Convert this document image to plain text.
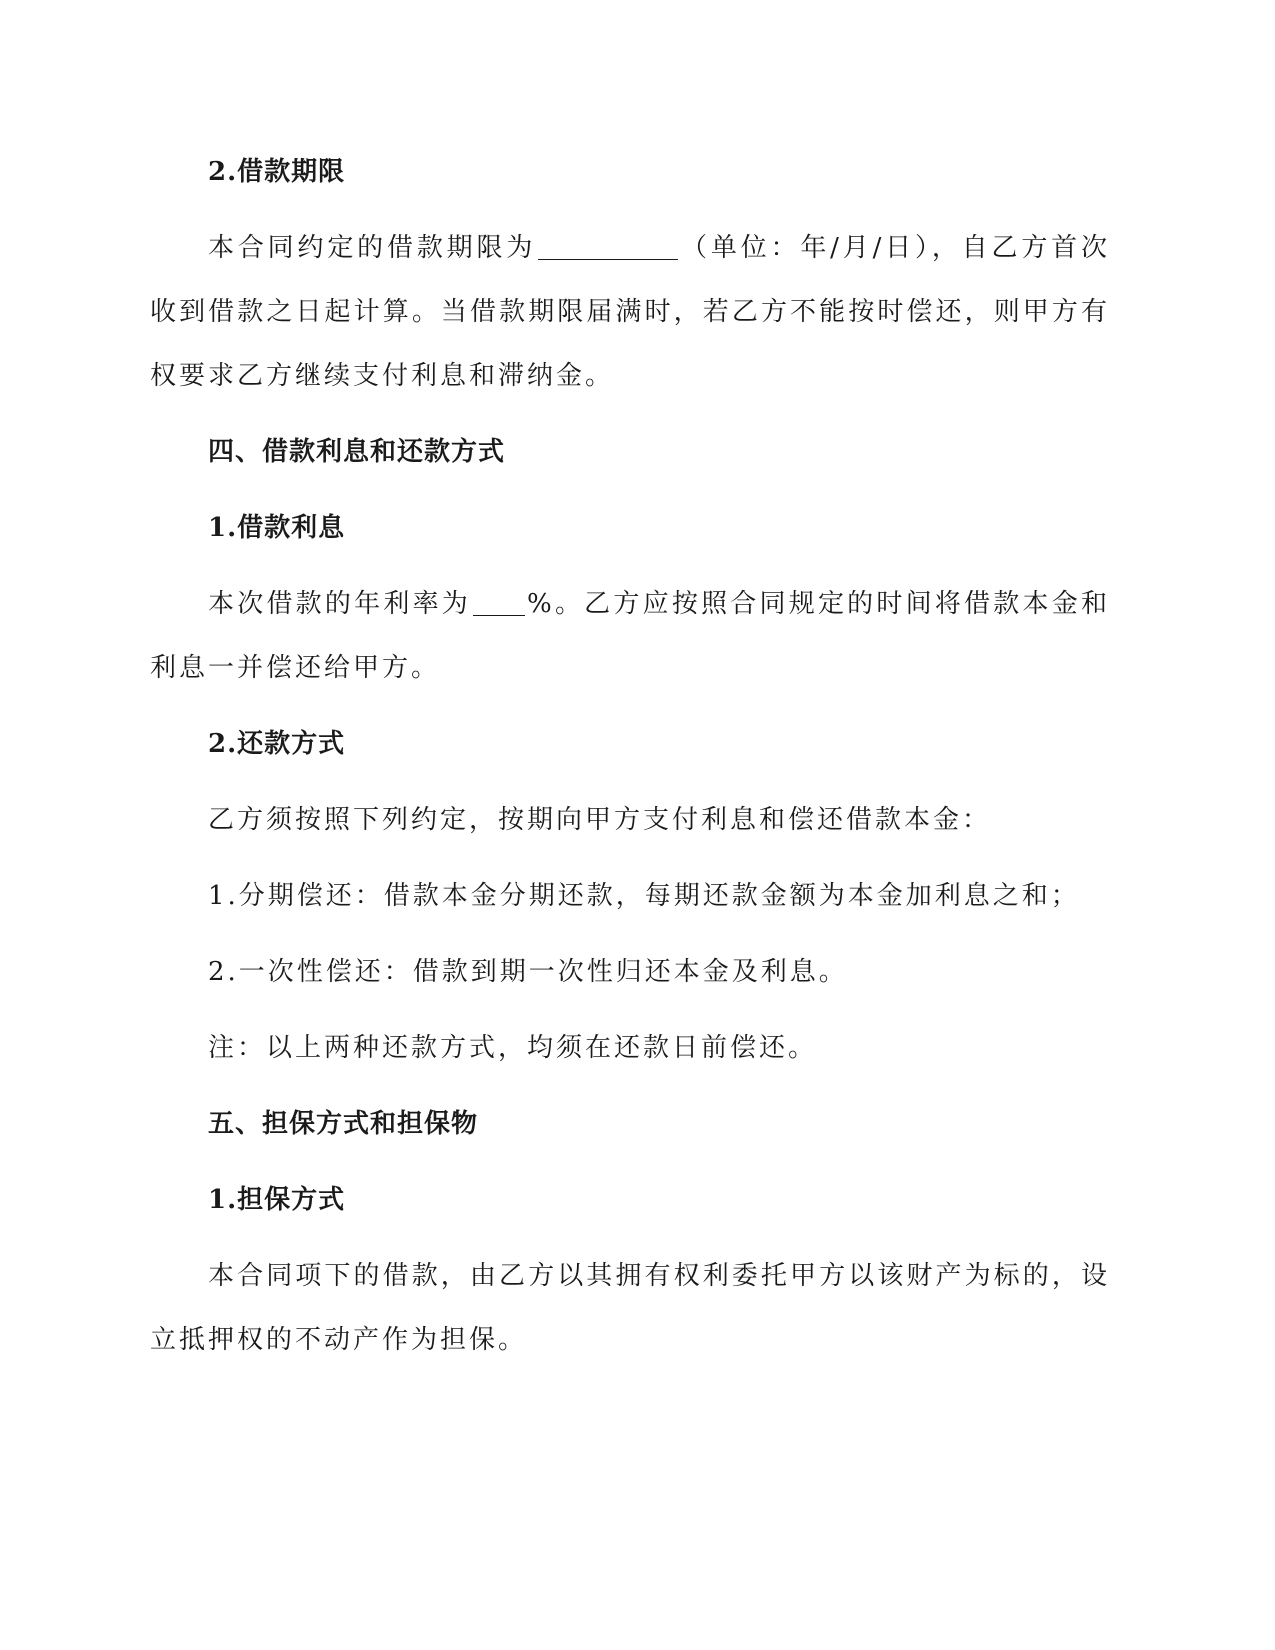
2.借款期限

本合同约定的借款期限为	（单位：年/月/日），自乙方首次收到借款之日起计算。当借款期限届满时，若乙方不能按时偿还，则甲方有权要求乙方继续支付利息和滞纳金。

四、借款利息和还款方式

1.借款利息

本次借款的年利率为 %。乙方应按照合同规定的时间将借款本金和利息一并偿还给甲方。

2.还款方式

乙方须按照下列约定，按期向甲方支付利息和偿还借款本金：

1.分期偿还：借款本金分期还款，每期还款金额为本金加利息之和；

2.一次性偿还：借款到期一次性归还本金及利息。

注：以上两种还款方式，均须在还款日前偿还。

五、担保方式和担保物

1.担保方式

本合同项下的借款，由乙方以其拥有权利委托甲方以该财产为标的，设立抵押权的不动产作为担保。
